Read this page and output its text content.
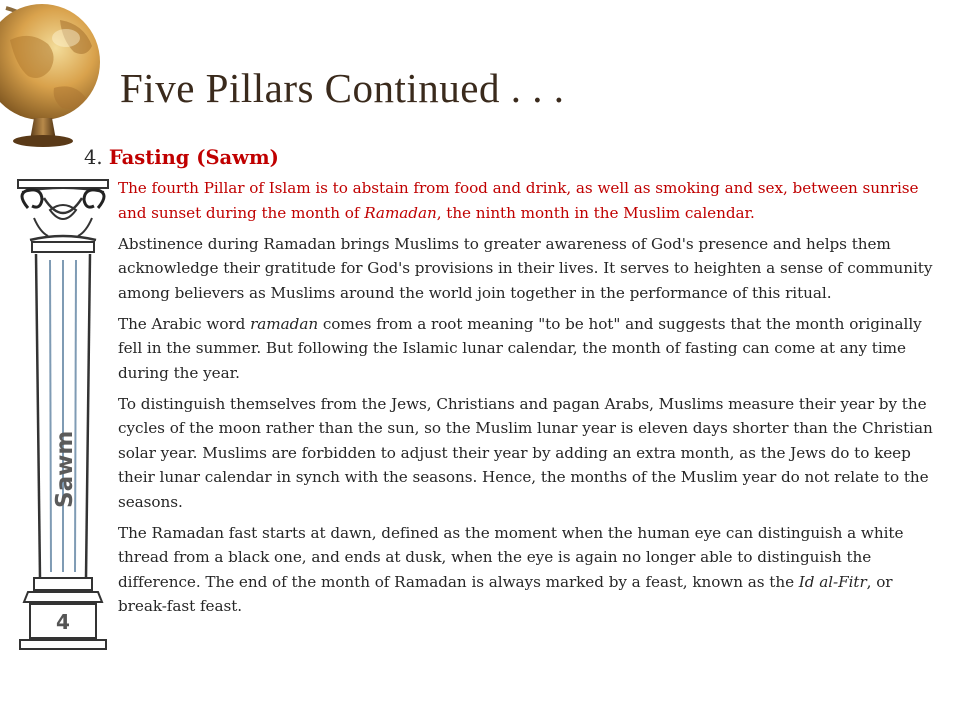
Five Pillars Continued . . .
4. Fasting (Sawm)
Sawm
4

The fourth Pillar of Islam is to abstain from food and drink, as well as smoking and sex, between sunrise and sunset during the month of Ramadan, the ninth month in the Muslim calendar.

Abstinence during Ramadan brings Muslims to greater awareness of God's presence and helps them acknowledge their gratitude for God's provisions in their lives. It serves to heighten a sense of community among believers as Muslims around the world join together in the performance of this ritual.

The Arabic word ramadan comes from a root meaning "to be hot" and suggests that the month originally fell in the summer. But following the Islamic lunar calendar, the month of fasting can come at any time during the year.

To distinguish themselves from the Jews, Christians and pagan Arabs, Muslims measure their year by the cycles of the moon rather than the sun, so the Muslim lunar year is eleven days shorter than the Christian solar year. Muslims are forbidden to adjust their year by adding an extra month, as the Jews do to keep their lunar calendar in synch with the seasons. Hence, the months of the Muslim year do not relate to the seasons.

The Ramadan fast starts at dawn, defined as the moment when the human eye can distinguish a white thread from a black one, and ends at dusk, when the eye is again no longer able to distinguish the difference. The end of the month of Ramadan is always marked by a feast, known as the Id al-Fitr, or break-fast feast.
